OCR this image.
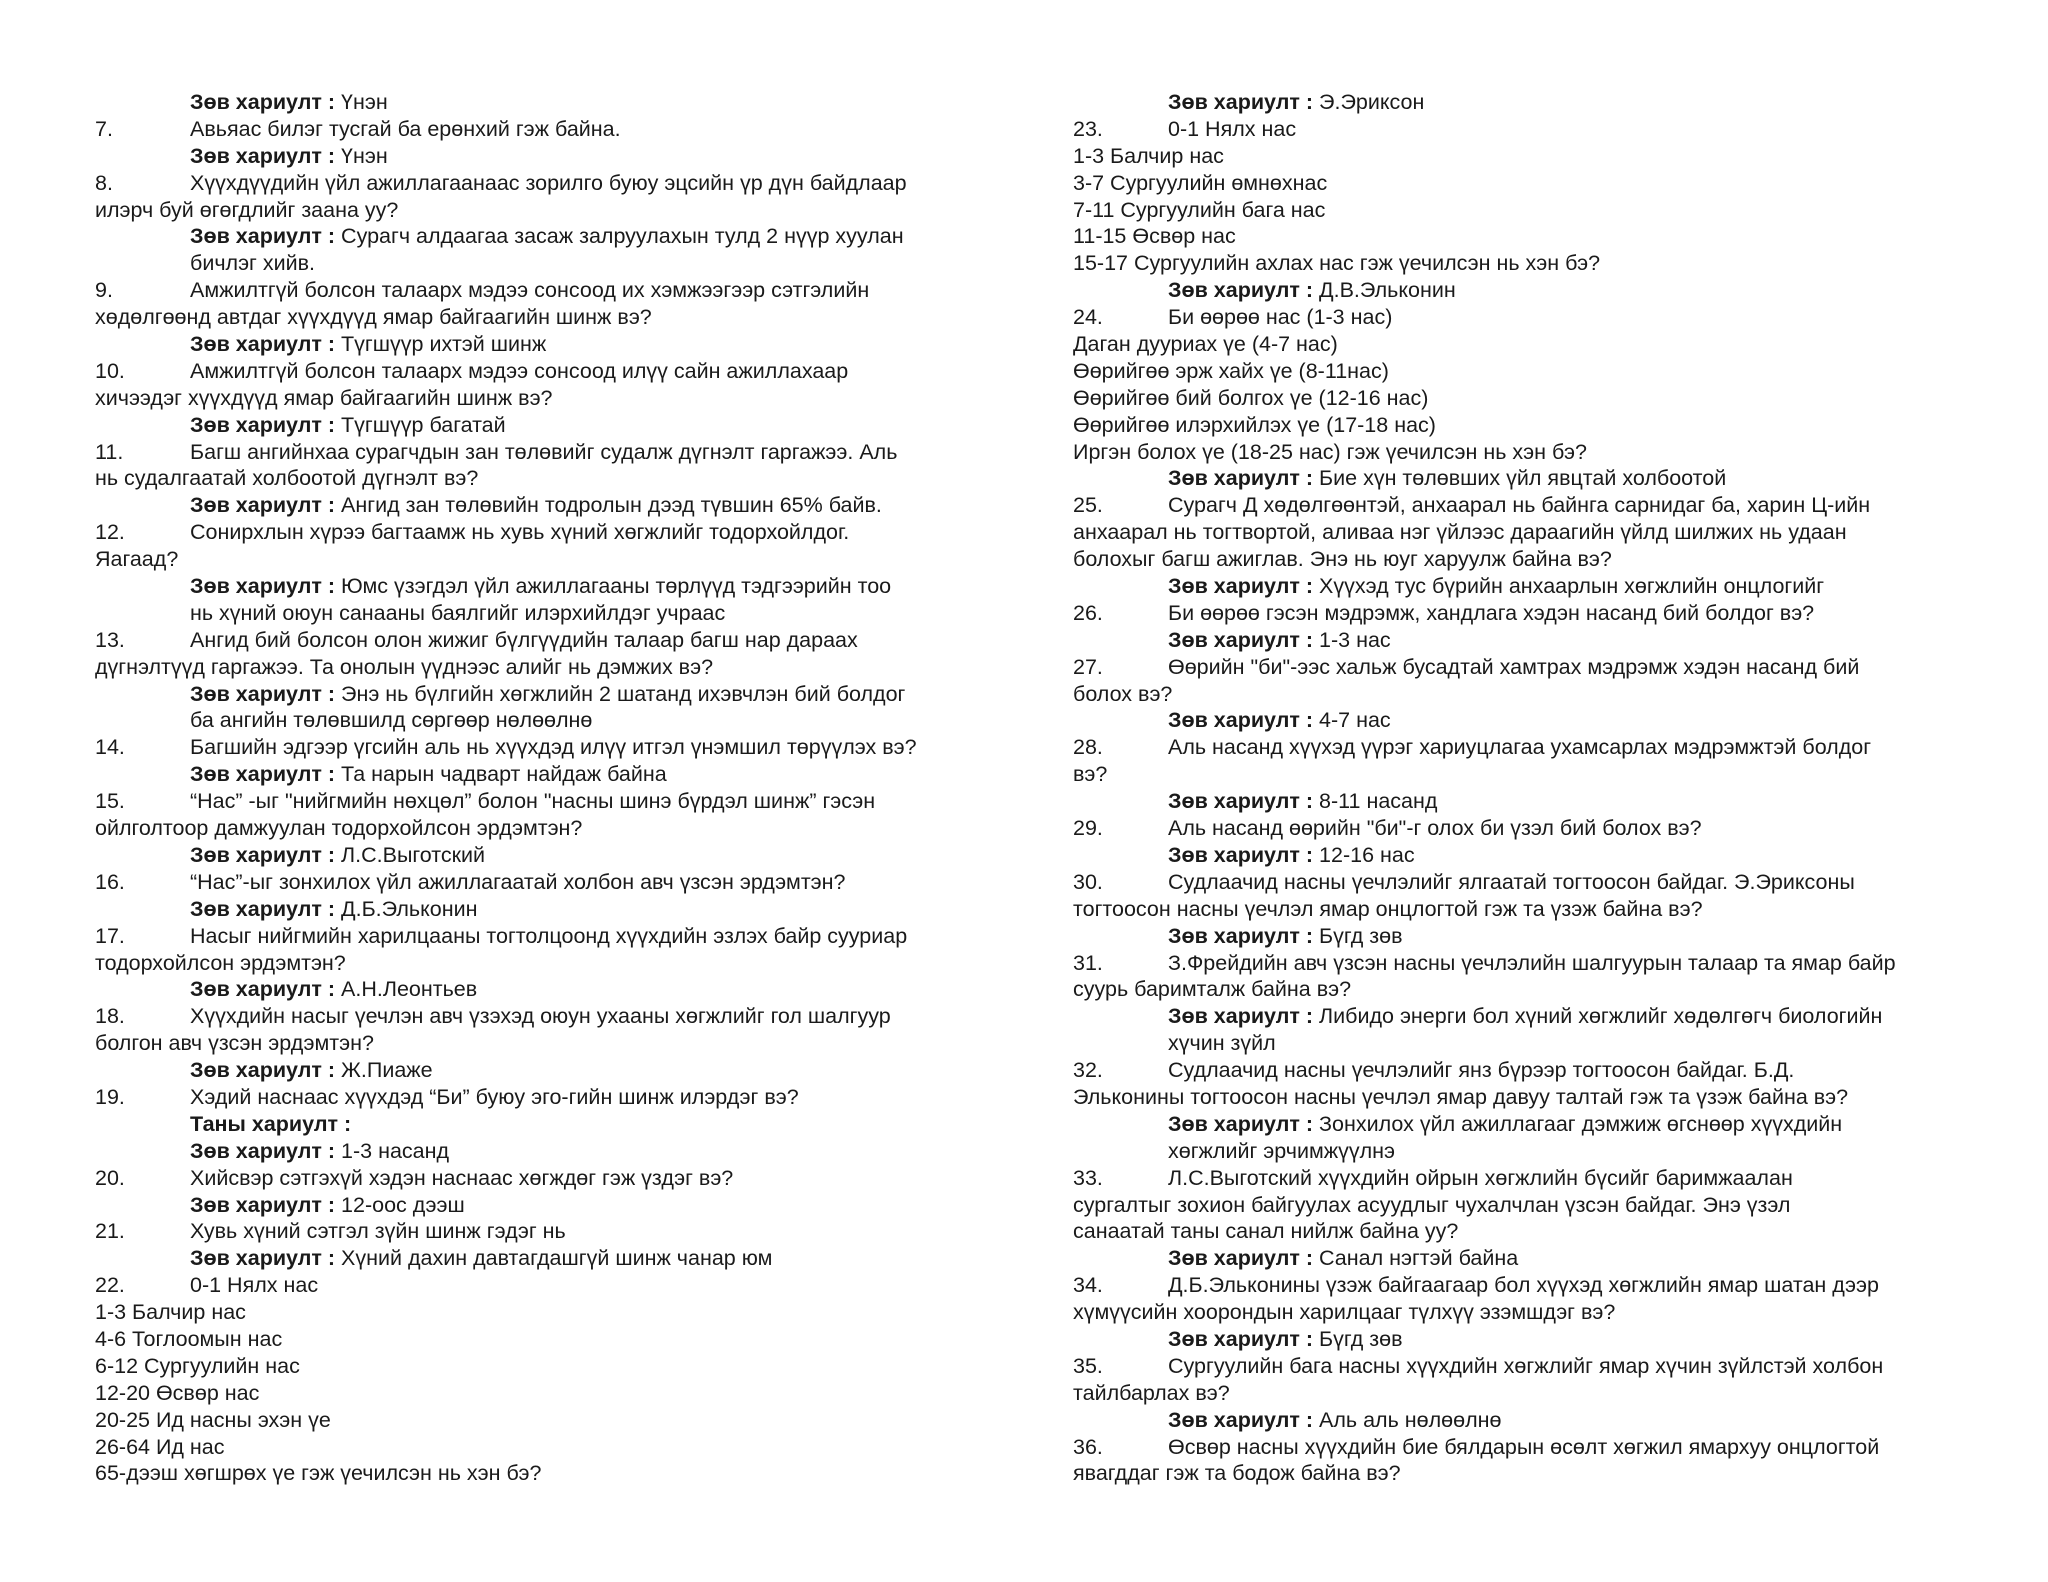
Зөв хариулт : Үнэн
7.	Авьяас билэг тусгай ба ерөнхий гэж байна.
Зөв хариулт : Үнэн
8.	Хүүхдүүдийн үйл ажиллагаанаас зорилго буюу эцсийн үр дүн байдлаар
илэрч буй өгөгдлийг заана уу?
Зөв хариулт : Сурагч алдаагаа засаж залруулахын тулд 2 нүүр хуулан
бичлэг хийв.
9.	Амжилтгүй болсон талаарх мэдээ сонсоод их хэмжээгээр сэтгэлийн
хөдөлгөөнд автдаг хүүхдүүд ямар байгаагийн шинж вэ?
Зөв хариулт : Түгшүүр ихтэй шинж
10.	Амжилтгүй болсон талаарх мэдээ сонсоод илүү сайн ажиллахаар
хичээдэг хүүхдүүд ямар байгаагийн шинж вэ?
Зөв хариулт : Түгшүүр багатай
11.	Багш ангийнхаа сурагчдын зан төлөвийг судалж дүгнэлт гаргажээ. Аль
нь судалгаатай холбоотой дүгнэлт вэ?
Зөв хариулт : Ангид зан төлөвийн тодролын дээд түвшин 65% байв.
12.	Сонирхлын хүрээ багтаамж нь хувь хүний хөгжлийг тодорхойлдог.
Яагаад?
Зөв хариулт : Юмс үзэгдэл үйл ажиллагааны төрлүүд тэдгээрийн тоо
нь хүний оюун санааны баялгийг илэрхийлдэг учраас
13.	Ангид бий болсон олон жижиг бүлгүүдийн талаар багш нар дараах
дүгнэлтүүд гаргажээ. Та онолын үүднээс алийг нь дэмжих вэ?
Зөв хариулт : Энэ нь бүлгийн хөгжлийн 2 шатанд ихэвчлэн бий болдог
ба ангийн төлөвшилд сөргөөр нөлөөлнө
14.	Багшийн эдгээр үгсийн аль нь хүүхдэд илүү итгэл үнэмшил төрүүлэх вэ?
Зөв хариулт : Та нарын чадварт найдаж байна
15.	“Нас” -ыг "нийгмийн нөхцөл” болон "насны шинэ бүрдэл шинж” гэсэн
ойлголтоор дамжуулан тодорхойлсон эрдэмтэн?
Зөв хариулт : Л.С.Выготский
16.	“Нас”-ыг зонхилох үйл ажиллагаатай холбон авч үзсэн эрдэмтэн?
Зөв хариулт : Д.Б.Эльконин
17.	Насыг нийгмийн харилцааны тогтолцоонд хүүхдийн эзлэх байр сууриар
тодорхойлсон эрдэмтэн?
Зөв хариулт : А.Н.Леонтьев
18.	Хүүхдийн насыг үечлэн авч үзэхэд оюун ухааны хөгжлийг гол шалгуур
болгон авч үзсэн эрдэмтэн?
Зөв хариулт : Ж.Пиаже
19.	Хэдий наснаас хүүхдэд “Би” буюу эго-гийн шинж илэрдэг вэ?
Таны хариулт :
Зөв хариулт : 1-3 насанд
20.	Хийсвэр сэтгэхүй хэдэн наснаас хөгждөг гэж үздэг вэ?
Зөв хариулт : 12-оос дээш
21.	Хувь хүний сэтгэл зүйн шинж гэдэг нь
Зөв хариулт : Хүний дахин давтагдашгүй шинж чанар юм
22.	0-1 Нялх нас
1-3 Балчир нас
4-6 Тоглоомын нас
6-12 Сургуулийн нас
12-20 Өсвөр нас
20-25 Ид насны эхэн үе
26-64 Ид нас
65-дээш хөгшрөх үе гэж үечилсэн нь хэн бэ?
Зөв хариулт : Э.Эриксон
23.	0-1 Нялх нас
1-3 Балчир нас
3-7 Сургуулийн өмнөхнас
7-11 Сургуулийн бага нас
11-15 Өсвөр нас
15-17 Сургуулийн ахлах нас гэж үечилсэн нь хэн бэ?
Зөв хариулт : Д.В.Эльконин
24.	Би өөрөө нас (1-3 нас)
Даган дууриах үе (4-7 нас)
Өөрийгөө эрж хайх үе (8-11нас)
Өөрийгөө бий болгох үе (12-16 нас)
Өөрийгөө илэрхийлэх үе (17-18 нас)
Иргэн болох үе (18-25 нас) гэж үечилсэн нь хэн бэ?
Зөв хариулт : Бие хүн төлөвших үйл явцтай холбоотой
25.	Сурагч Д хөдөлгөөнтэй, анхаарал нь байнга сарнидаг ба, харин Ц-ийн
анхаарал нь тогтвортой, аливаа нэг үйлээс дараагийн үйлд шилжих нь удаан
болохыг багш ажиглав. Энэ нь юуг харуулж байна вэ?
Зөв хариулт : Хүүхэд тус бүрийн анхаарлын хөгжлийн онцлогийг
26.	Би өөрөө гэсэн мэдрэмж, хандлага хэдэн насанд бий болдог вэ?
Зөв хариулт : 1-3 нас
27.	Өөрийн "би"-ээс хальж бусадтай хамтрах мэдрэмж хэдэн насанд бий
болох вэ?
Зөв хариулт : 4-7 нас
28.	Аль насанд хүүхэд үүрэг хариуцлагаа ухамсарлах мэдрэмжтэй болдог
вэ?
Зөв хариулт : 8-11 насанд
29.	Аль насанд өөрийн "би"-г олох би үзэл бий болох вэ?
Зөв хариулт : 12-16 нас
30.	Судлаачид насны үечлэлийг ялгаатай тогтоосон байдаг. Э.Эриксоны
тогтоосон насны үечлэл ямар онцлогтой гэж та үзэж байна вэ?
Зөв хариулт : Бүгд зөв
31.	З.Фрейдийн авч үзсэн насны үечлэлийн шалгуурын талаар та ямар байр
суурь баримталж байна вэ?
Зөв хариулт : Либидо энерги бол хүний хөгжлийг хөдөлгөгч биологийн
хүчин зүйл
32.	Судлаачид насны үечлэлийг янз бүрээр тогтоосон байдаг. Б.Д.
Эльконины тогтоосон насны үечлэл ямар давуу талтай гэж та үзэж байна вэ?
Зөв хариулт : Зонхилох үйл ажиллагааг дэмжиж өгснөөр хүүхдийн
хөгжлийг эрчимжүүлнэ
33.	Л.С.Выготский хүүхдийн ойрын хөгжлийн бүсийг баримжаалан
сургалтыг зохион байгуулах асуудлыг чухалчлан үзсэн байдаг. Энэ үзэл
санаатай таны санал нийлж байна уу?
Зөв хариулт : Санал нэгтэй байна
34.	Д.Б.Эльконины үзэж байгаагаар бол хүүхэд хөгжлийн ямар шатан дээр
хүмүүсийн хоорондын харилцааг түлхүү эзэмшдэг вэ?
Зөв хариулт : Бүгд зөв
35.	Сургуулийн бага насны хүүхдийн хөгжлийг ямар хүчин зүйлстэй холбон
тайлбарлах вэ?
Зөв хариулт : Аль аль нөлөөлнө
36.	Өсвөр насны хүүхдийн бие бялдарын өсөлт хөгжил ямархуу онцлогтой
явагддаг гэж та бодож байна вэ?
